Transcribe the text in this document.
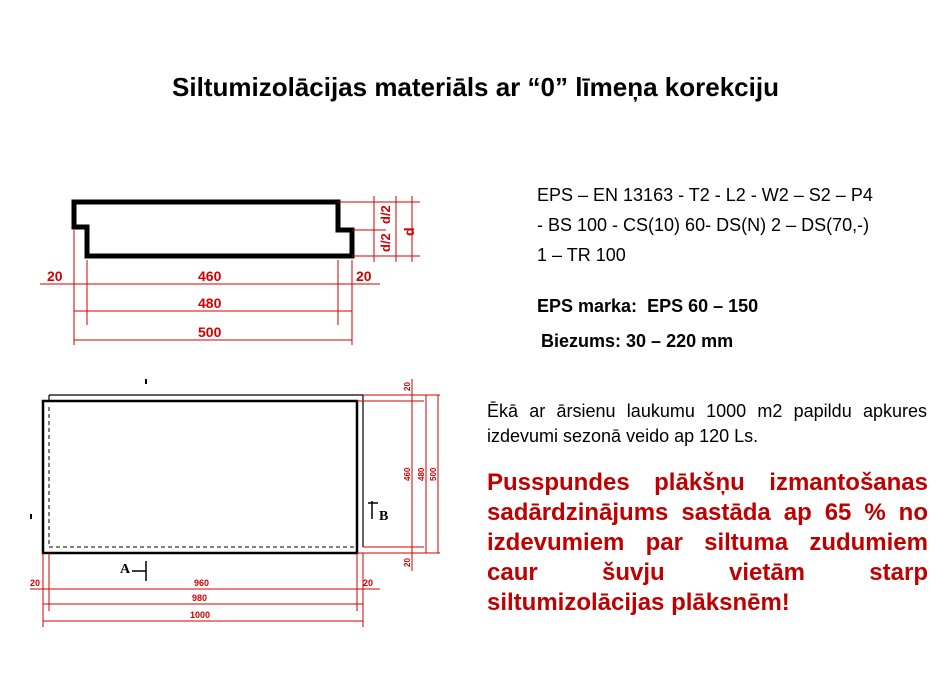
Siltumizolācijas materiāls ar “0” līmeņa korekciju
EPS – EN 13163 - T2 - L2 - W2 – S2 – P4
- BS 100 - CS(10) 60- DS(N) 2 – DS(70,-)
1 – TR 100
EPS marka: EPS 60 – 150
Biezums: 30 – 220 mm
Ēkā ar ārsienu laukumu 1000 m2 papildu apkures izdevumi sezonā veido ap 120 Ls.
Pusspundes plākšņu izmantošanas
sadārdzinājums sastāda ap 65 % no
izdevumiem par siltuma zudumiem
caur šuvju vietām starp
siltumizolācijas plāksnēm!
d/2
d/2
d
20	460	20
480
500
A
B
20	960	20
980
1000
20
460 480 500
20
